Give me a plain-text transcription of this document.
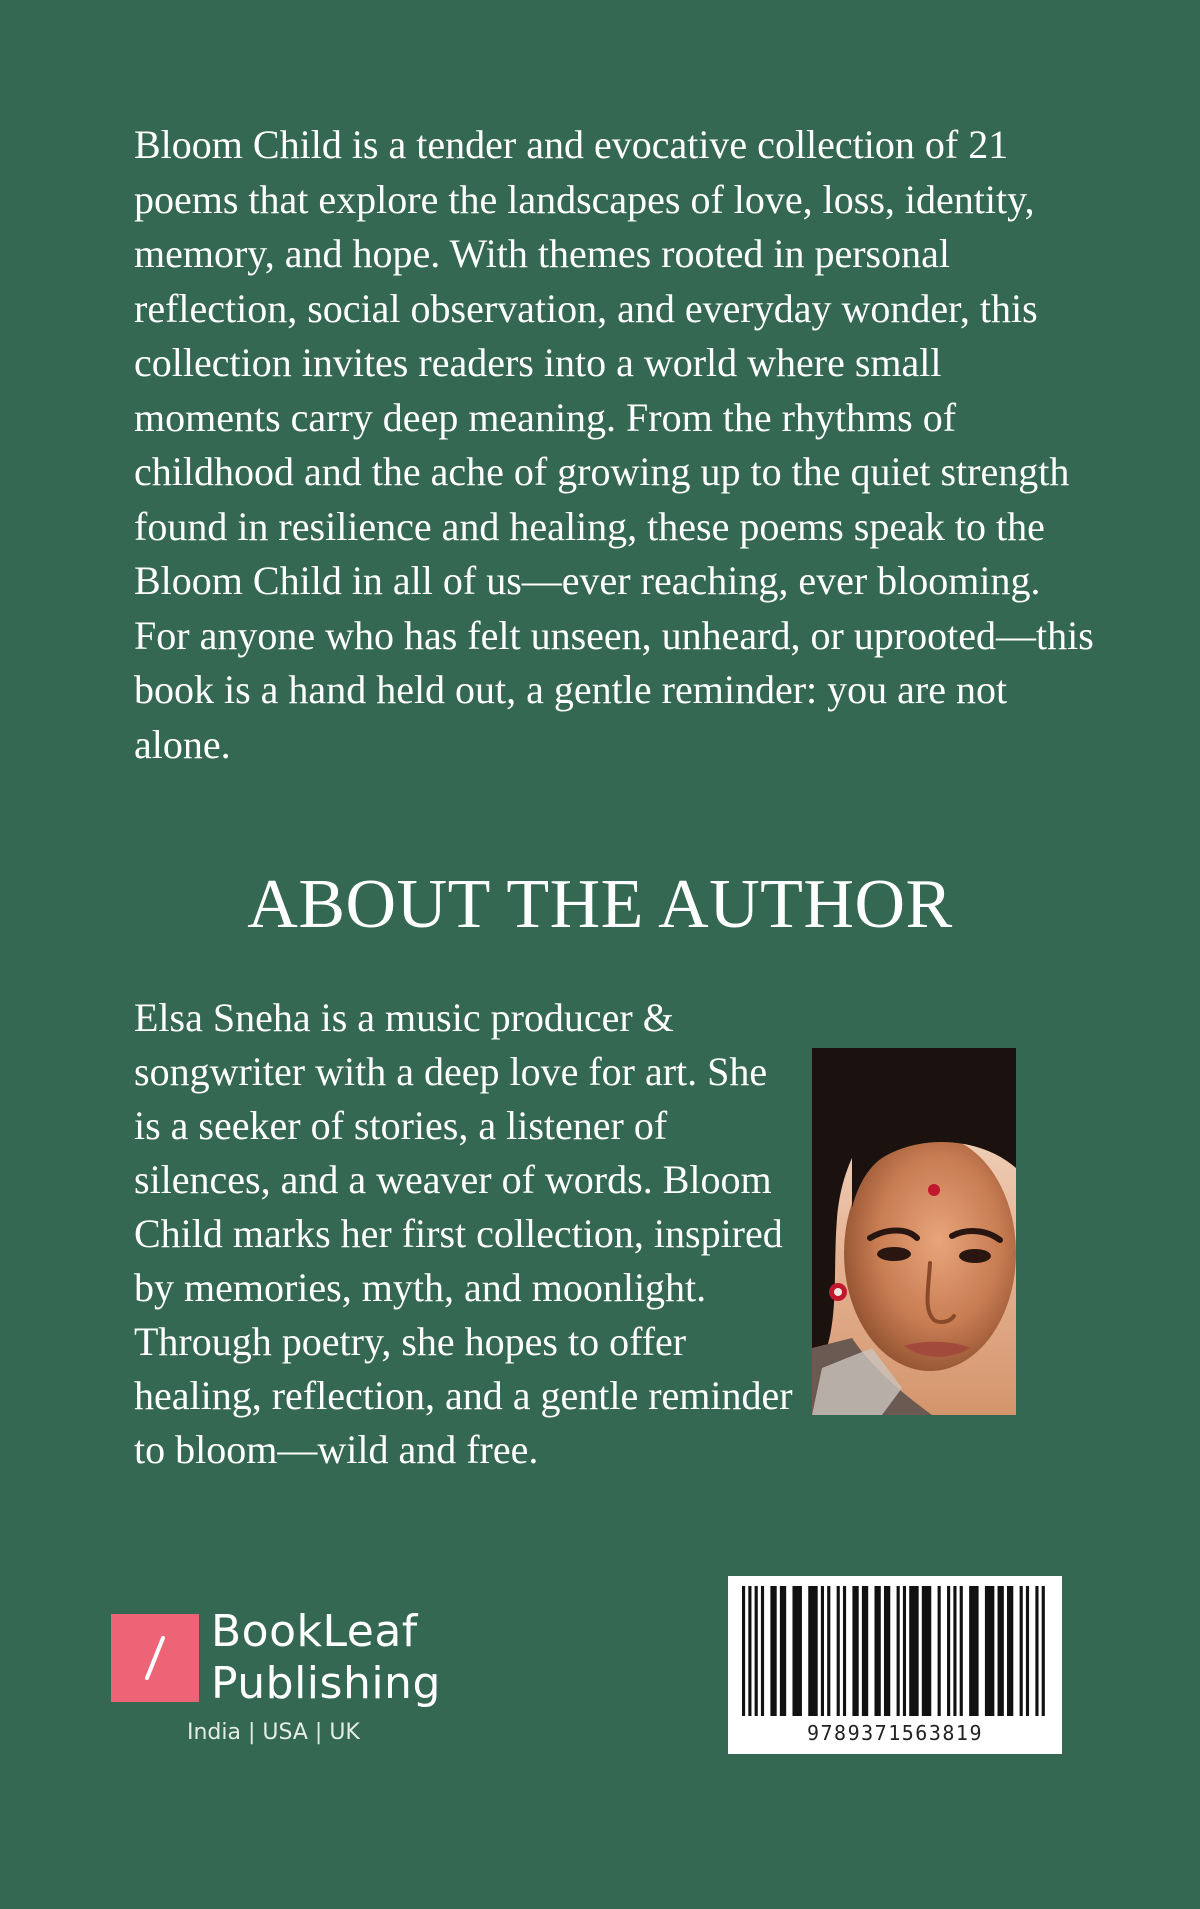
Bloom Child is a tender and evocative collection of 21 poems that explore the landscapes of love, loss, identity, memory, and hope. With themes rooted in personal reflection, social observation, and everyday wonder, this collection invites readers into a world where small moments carry deep meaning. From the rhythms of childhood and the ache of growing up to the quiet strength found in resilience and healing, these poems speak to the Bloom Child in all of us—ever reaching, ever blooming. For anyone who has felt unseen, unheard, or uprooted—this book is a hand held out, a gentle reminder: you are not alone.

ABOUT THE AUTHOR

Elsa Sneha is a music producer & songwriter with a deep love for art. She is a seeker of stories, a listener of silences, and a weaver of words. Bloom Child marks her first collection, inspired by memories, myth, and moonlight. Through poetry, she hopes to offer healing, reflection, and a gentle reminder to bloom—wild and free.

BookLeaf
Publishing
India | USA | UK	9789371563819
